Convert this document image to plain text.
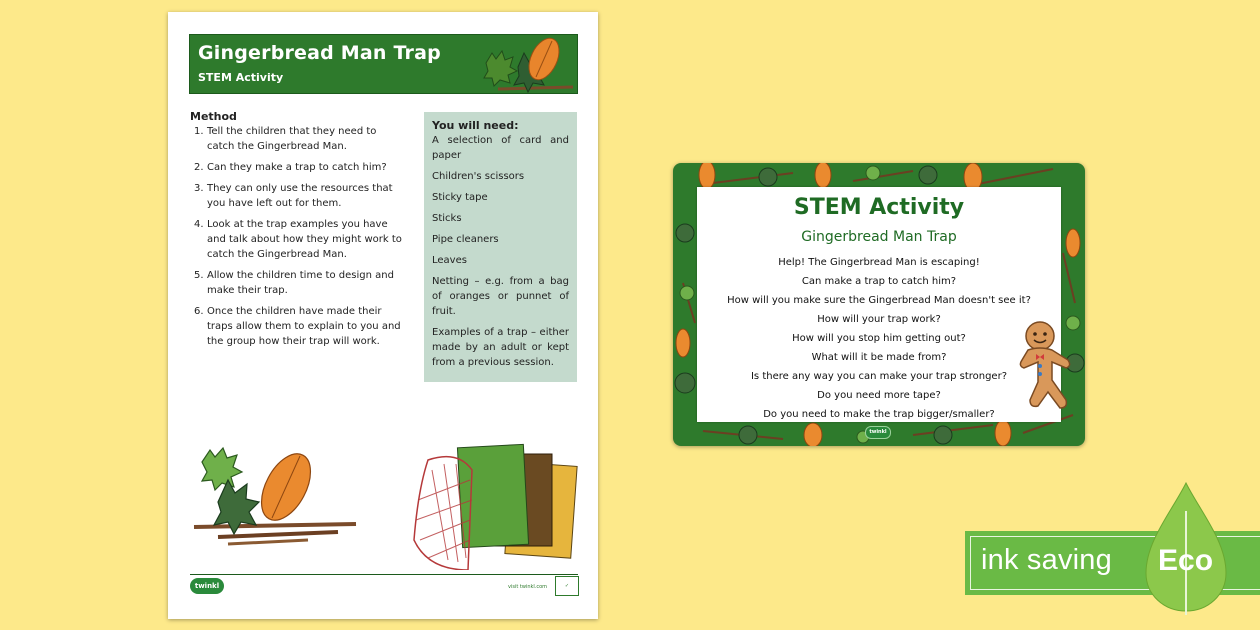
Gingerbread Man Trap
STEM Activity
Method
1. Tell the children that they need to catch the Gingerbread Man.
2. Can they make a trap to catch him?
3. They can only use the resources that you have left out for them.
4. Look at the trap examples you have and talk about how they might work to catch the Gingerbread Man.
5. Allow the children time to design and make their trap.
6. Once the children have made their traps allow them to explain to you and the group how their trap will work.
You will need:
A selection of card and paper
Children's scissors
Sticky tape
Sticks
Pipe cleaners
Leaves
Netting – e.g. from a bag of oranges or punnet of fruit.
Examples of a trap – either made by an adult or kept from a previous session.
twinkl	visit twinkl.com	✓
STEM Activity
Gingerbread Man Trap
Help! The Gingerbread Man is escaping!
Can make a trap to catch him?
How will you make sure the Gingerbread Man doesn't see it?
How will your trap work?
How will you stop him getting out?
What will it be made from?
Is there any way you can make your trap stronger?
Do you need more tape?
Do you need to make the trap bigger/smaller?
twinkl
ink saving Eco
